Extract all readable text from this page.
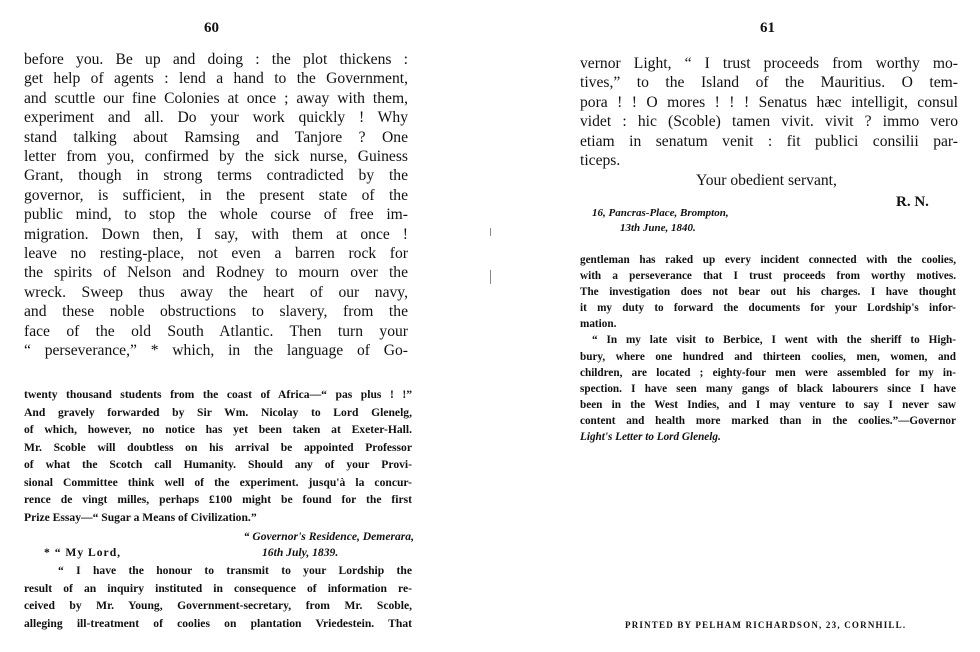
60	61
before you. Be up and doing : the plot thickens :
get help of agents : lend a hand to the Government,
and scuttle our fine Colonies at once ; away with them,
experiment and all. Do your work quickly ! Why
stand talking about Ramsing and Tanjore ? One
letter from you, confirmed by the sick nurse, Guiness
Grant, though in strong terms contradicted by the
governor, is sufficient, in the present state of the
public mind, to stop the whole course of free im-
migration. Down then, I say, with them at once !
leave no resting-place, not even a barren rock for
the spirits of Nelson and Rodney to mourn over the
wreck. Sweep thus away the heart of our navy,
and these noble obstructions to slavery, from the
face of the old South Atlantic. Then turn your
“ perseverance,” * which, in the language of Go-
twenty thousand students from the coast of Africa—“ pas plus ! !”
And gravely forwarded by Sir Wm. Nicolay to Lord Glenelg,
of which, however, no notice has yet been taken at Exeter-Hall.
Mr. Scoble will doubtless on his arrival be appointed Professor
of what the Scotch call Humanity. Should any of your Provi-
sional Committee think well of the experiment. jusqu'à la concur-
rence de vingt milles, perhaps £100 might be found for the first
Prize Essay—“ Sugar a Means of Civilization.”
“ Governor's Residence, Demerara,
* “ My Lord,	16th July, 1839.
“ I have the honour to transmit to your Lordship the
result of an inquiry instituted in consequence of information re-
ceived by Mr. Young, Government-secretary, from Mr. Scoble,
alleging ill-treatment of coolies on plantation Vriedestein. That
vernor Light, “ I trust proceeds from worthy mo-
tives,” to the Island of the Mauritius. O tem-
pora ! ! O mores ! ! ! Senatus hæc intelligit, consul
videt : hic (Scoble) tamen vivit. vivit ? immo vero
etiam in senatum venit : fit publici consilii par-
ticeps.
Your obedient servant,
R. N.
16, Pancras-Place, Brompton,
13th June, 1840.
gentleman has raked up every incident connected with the coolies,
with a perseverance that I trust proceeds from worthy motives.
The investigation does not bear out his charges. I have thought
it my duty to forward the documents for your Lordship's infor-
mation.
“ In my late visit to Berbice, I went with the sheriff to High-
bury, where one hundred and thirteen coolies, men, women, and
children, are located ; eighty-four men were assembled for my in-
spection. I have seen many gangs of black labourers since I have
been in the West Indies, and I may venture to say I never saw
content and health more marked than in the coolies.”—Governor
Light's Letter to Lord Glenelg.
PRINTED BY PELHAM RICHARDSON, 23, CORNHILL.
